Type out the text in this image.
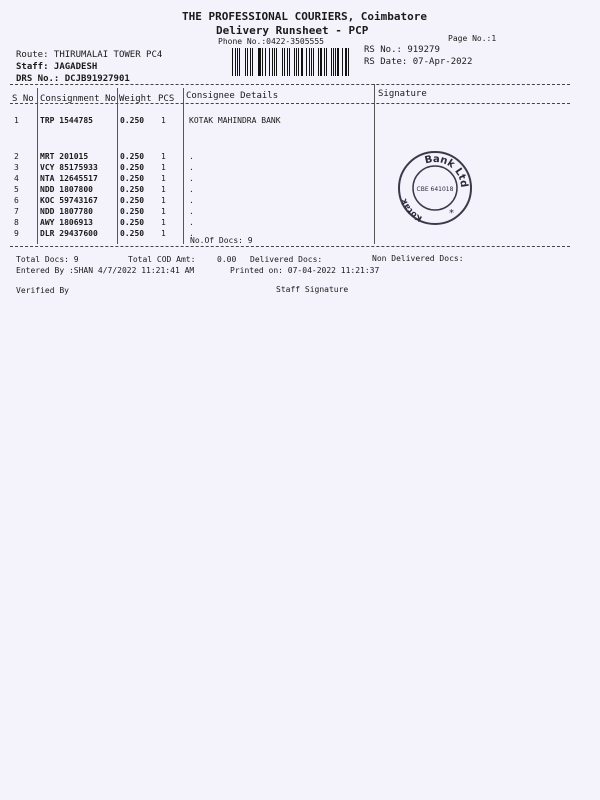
THE PROFESSIONAL COURIERS, Coimbatore
Delivery Runsheet - PCP
Phone No.:0422-3505555	Page No.:1
Route: THIRUMALAI TOWER PC4
Staff: JAGADESH
DRS No.: DCJB91927901
RS No.: 919279
RS Date: 07-Apr-2022
S No Consignment No Weight PCS Consignee Details	Signature
1	TRP 1544785	0.250 1	KOTAK MAHINDRA BANK
2	MRT 201015	0.250 1	.
3	VCY 85175933	0.250 1	.
4	NTA 12645517	0.250 1	.
5	NDD 1807800	0.250 1	.
6	KOC 59743167	0.250 1	.
7	NDD 1807780	0.250 1	.
8	AWY 1806913	0.250 1	.
9	DLR 29437600	0.250 1	.
No.Of Docs: 9
Bank Ltd
Kotak
CBE 641018
*
Total Docs: 9	Total COD Amt:	0.00 Delivered Docs:	Non Delivered Docs:
Entered By :SHAN 4/7/2022 11:21:41 AM	Printed on: 07-04-2022 11:21:37
Verified By	Staff Signature
